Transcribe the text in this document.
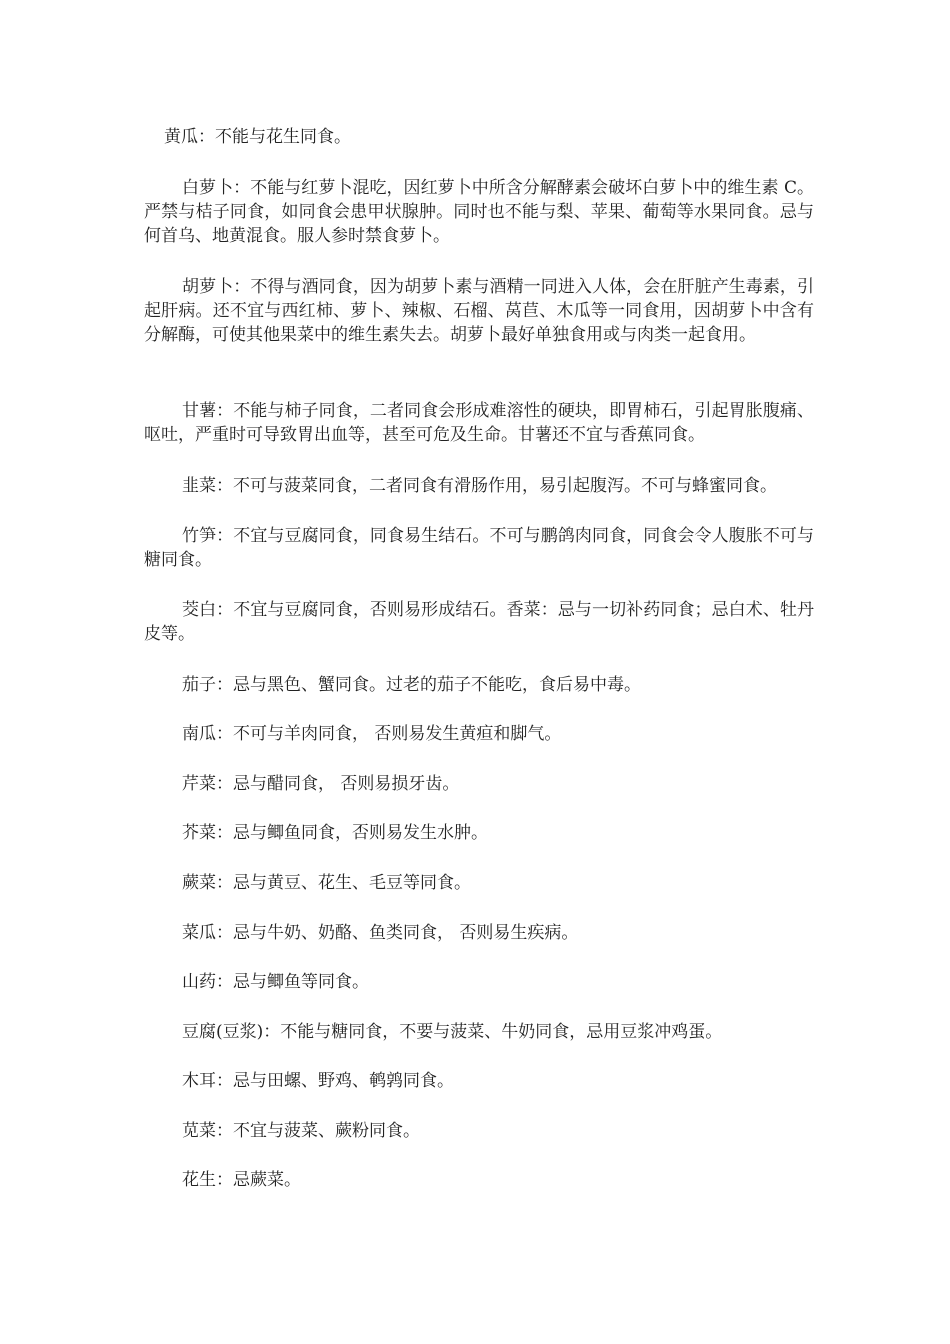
黄瓜：不能与花生同食。

白萝卜：不能与红萝卜混吃，因红萝卜中所含分解酵素会破坏白萝卜中的维生素 C。严禁与桔子同食，如同食会患甲状腺肿。同时也不能与梨、苹果、葡萄等水果同食。忌与何首乌、地黄混食。服人参时禁食萝卜。

胡萝卜：不得与酒同食，因为胡萝卜素与酒精一同进入人体，会在肝脏产生毒素，引起肝病。还不宜与西红柿、萝卜、辣椒、石榴、莴苣、木瓜等一同食用，因胡萝卜中含有分解酶，可使其他果菜中的维生素失去。胡萝卜最好单独食用或与肉类一起食用。

甘薯：不能与柿子同食，二者同食会形成难溶性的硬块，即胃柿石，引起胃胀腹痛、呕吐，严重时可导致胃出血等，甚至可危及生命。甘薯还不宜与香蕉同食。

韭菜：不可与菠菜同食，二者同食有滑肠作用，易引起腹泻。不可与蜂蜜同食。

竹笋：不宜与豆腐同食，同食易生结石。不可与鹏鸽肉同食，同食会令人腹胀不可与糖同食。

茭白：不宜与豆腐同食，否则易形成结石。香菜：忌与一切补药同食；忌白术、牡丹皮等。

茄子：忌与黑色、蟹同食。过老的茄子不能吃，食后易中毒。

南瓜：不可与羊肉同食， 否则易发生黄疸和脚气。

芹菜：忌与醋同食， 否则易损牙齿。

芥菜：忌与鲫鱼同食，否则易发生水肿。

蕨菜：忌与黄豆、花生、毛豆等同食。

菜瓜：忌与牛奶、奶酪、鱼类同食， 否则易生疾病。

山药：忌与鲫鱼等同食。

豆腐(豆浆)：不能与糖同食，不要与菠菜、牛奶同食，忌用豆浆冲鸡蛋。

木耳：忌与田螺、野鸡、鹌鹑同食。

苋菜：不宜与菠菜、蕨粉同食。

花生：忌蕨菜。
